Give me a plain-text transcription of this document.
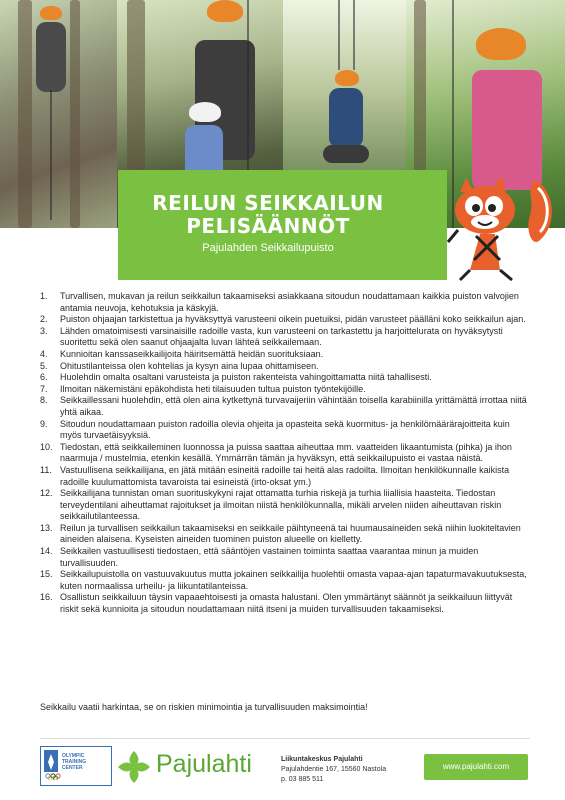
REILUN SEIKKAILUN
PELISÄÄNNÖT

Pajulahden Seikkailupuisto

1.	Turvallisen, mukavan ja reilun seikkailun takaamiseksi asiakkaana sitoudun noudattamaan kaikkia puiston valvojien antamia neuvoja, kehotuksia ja käskyjä.
2.	Puiston ohjaajan tarkistettua ja hyväksyttyä varusteeni oikein puetuiksi, pidän varusteet päälläni koko seikkailun ajan.
3.	Lähden omatoimisesti varsinaisille radoille vasta, kun varusteeni on tarkastettu ja harjoittelurata on hyväksytysti suoritettu sekä olen saanut ohjaajalta luvan lähteä seikkailemaan.
4.	Kunnioitan kanssaseikkailijoita häiritsemättä heidän suorituksiaan.
5.	Ohitustilanteissa olen kohtelias ja kysyn aina lupaa ohittamiseen.
6.	Huolehdin omalta osaltani varusteista ja puiston rakenteista vahingoittamatta niitä tahallisesti.
7.	Ilmoitan näkemistäni epäkohdista heti tilaisuuden tultua puiston työntekijöille.
8.	Seikkaillessani huolehdin, että olen aina kytkettynä turvavaijeriin vähintään toisella karabiinilla yrittämättä irrottaa niitä yhtä aikaa.
9.	Sitoudun noudattamaan puiston radoilla olevia ohjeita ja opasteita sekä kuormitus- ja henkilömäärärajoitteita kuin myös turvaetäisyyksiä.
10. Tiedostan, että seikkaileminen luonnossa ja puissa saattaa aiheuttaa mm. vaatteiden likaantumista (pihka) ja ihon naarmuja / mustelmia, etenkin kesällä. Ymmärrän tämän ja hyväksyn, että seikkailupuisto ei vastaa näistä.
11. Vastuullisena seikkailijana, en jätä mitään esineitä radoille tai heitä alas radoilta. Ilmoitan henkilökunnalle kaikista radoille kuulumattomista tavaroista tai esineistä (irto-oksat ym.)
12. Seikkailijana tunnistan oman suorituskykyni rajat ottamatta turhia riskejä ja turhia liiallisia haasteita. Tiedostan terveydentilani aiheuttamat rajoitukset ja ilmoitan niistä henkilökunnalla, mikäli arvelen niiden aiheuttavan riskin seikkailutilanteessa.
13. Reilun ja turvallisen seikkailun takaamiseksi en seikkaile päihtyneenä tai huumausaineiden sekä niihin luokiteltavien aineiden alaisena. Kyseisten aineiden tuominen puiston alueelle on kielletty.
14. Seikkailen vastuullisesti tiedostaen, että sääntöjen vastainen toiminta saattaa vaarantaa minun ja muiden turvallisuuden.
15. Seikkailupuistolla on vastuuvakuutus mutta jokainen seikkailija huolehtii omasta vapaa-ajan tapaturmavakuutuksesta, kuten normaalissa urheilu- ja liikuntatilanteissa.
16. Osallistun seikkailuun täysin vapaaehtoisesti ja omasta halustani. Olen ymmärtänyt säännöt ja seikkailuun liittyvät riskit sekä kunnioita ja sitoudun noudattamaan niitä itseni ja muiden turvallisuuden takaamiseksi.

Seikkailu vaatii harkintaa, se on riskien minimointia ja turvallisuuden maksimointia!

OLYMPIC
TRAINING
CENTER	Pajulahti	Liikuntakeskus Pajulahti
Pajulahdentie 167, 15560 Nastola
p. 03 885 511
www.pajulahti.com
